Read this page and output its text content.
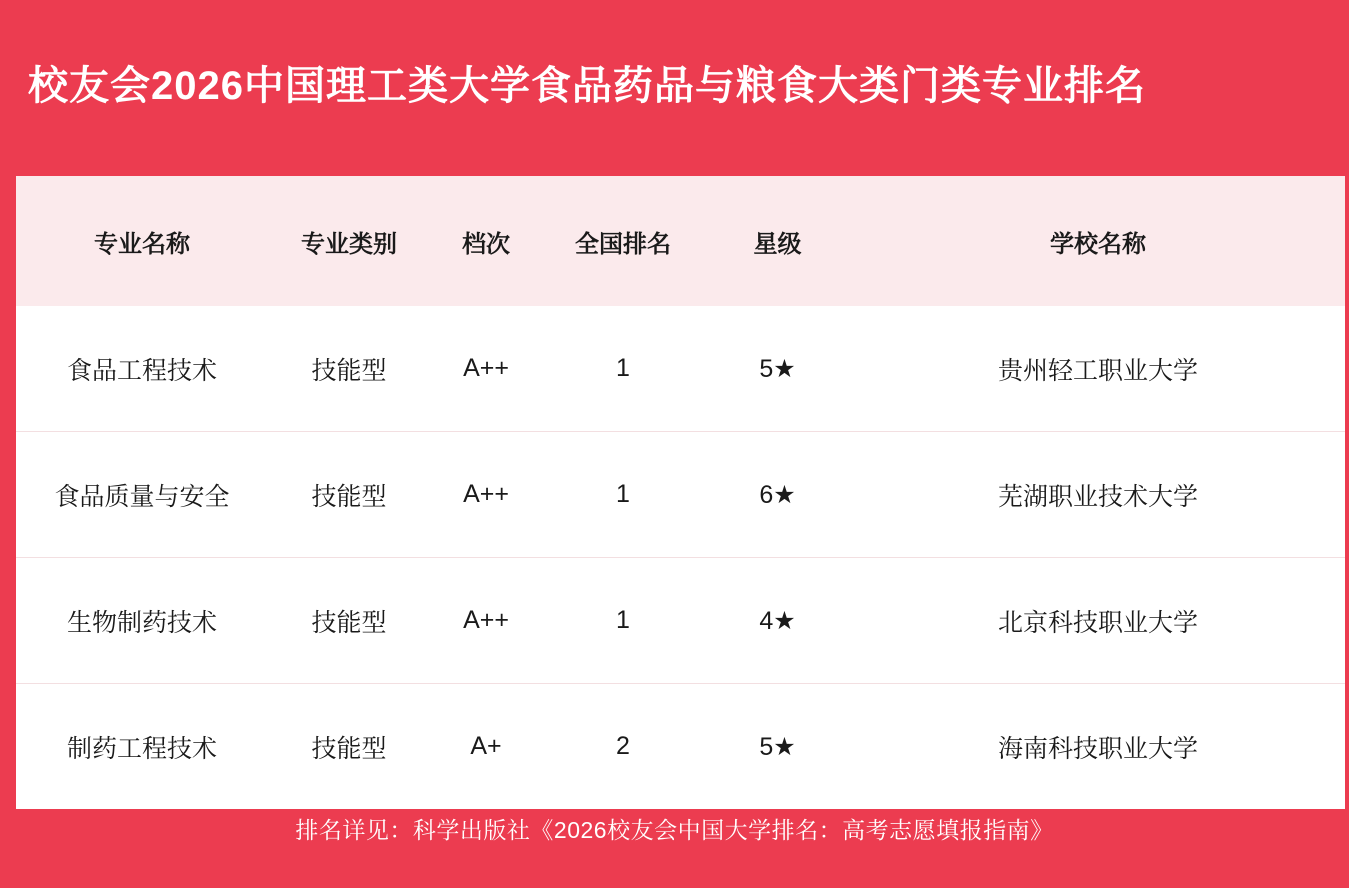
校友会2026中国理工类大学食品药品与粮食大类门类专业排名
专业名称	专业类别	档次	全国排名	星级	学校名称
食品工程技术	技能型	A++	1	5★	贵州轻工职业大学
食品质量与安全	技能型	A++	1	6★	芜湖职业技术大学
生物制药技术	技能型	A++	1	4★	北京科技职业大学
制药工程技术	技能型	A+	2	5★	海南科技职业大学
排名详见：科学出版社《2026校友会中国大学排名：高考志愿填报指南》
